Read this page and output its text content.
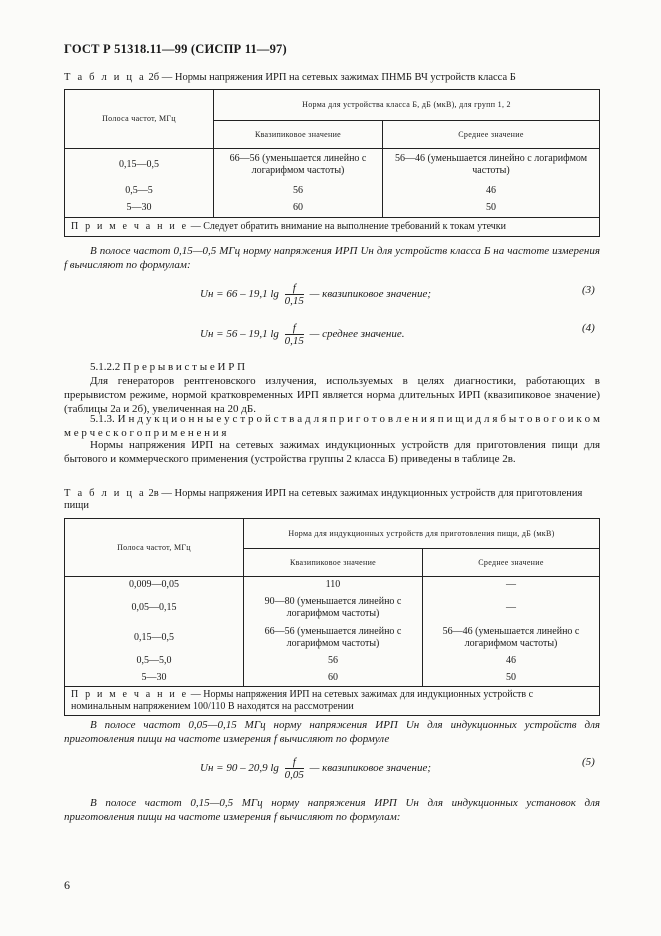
ГОСТ Р 51318.11—99 (СИСПР 11—97)
Т а б л и ц а 2б — Нормы напряжения ИРП на сетевых зажимах ПНМБ ВЧ устройств класса Б
Полоса частот, МГц	Норма для устройства класса Б, дБ (мкВ), для групп 1, 2	
	Квазипиковое значение	Среднее значение
0,15—0,5	66—56 (уменьшается линейно с логарифмом частоты)	56—46 (уменьшается линейно с логарифмом частоты)
0,5—5	56	46
5—30	60	50
П р и м е ч а н и е — Следует обратить внимание на выполнение требований к токам утечки		
В полосе частот 0,15—0,5 МГц норму напряжения ИРП Uн для устройств класса Б на частоте измерения f вычисляют по формулам:
Uн = 66 – 19,1 $\lg \frac{f}{0,15}$ — квазипиковое значение;	(3)
Uн = 56 – 19,1 $\lg \frac{f}{0,15}$ — среднее значение.
(4)
5.1.2.2 П р е р ы в и с т ы е И Р П
Для генераторов рентгеновского излучения, используемых в целях диагностики, работающих в прерывистом режиме, нормой кратковременных ИРП является норма длительных ИРП (квазипиковое значение) (таблицы 2а и 2б), увеличенная на 20 дБ.
5.1.3. И н д у к ц и о н н ы е у с т р о й с т в а д л я п р и г о т о в л е н и я п и щ и д л я б ы т о в о г о и к о м м е р ч е с к о г о п р и м е н е н и я
Нормы напряжения ИРП на сетевых зажимах индукционных устройств для приготовления пищи для бытового и коммерческого применения (устройства группы 2 класса Б) приведены в таблице 2в.
Т а б л и ц а 2в — Нормы напряжения ИРП на сетевых зажимах индукционных устройств для приготовления пищи
Полоса частот, МГц	Норма для индукционных устройств для приготовления пищи, дБ (мкВ)	
	Квазипиковое значение	Среднее значение
0,009—0,05	110	—
0,05—0,15	90—80 (уменьшается линейно с логарифмом частоты)	—
0,15—0,5	66—56 (уменьшается линейно с логарифмом частоты)	56—46 (уменьшается линейно с логарифмом частоты)
0,5—5,0	56	46
5—30	60	50
П р и м е ч а н и е — Нормы напряжения ИРП на сетевых зажимах для индукционных устройств с номинальным напряжением 100/110 В находятся на рассмотрении		
В полосе частот 0,05—0,15 МГц норму напряжения ИРП Uн для индукционных устройств для приготовления пищи на частоте измерения f вычисляют по формуле
Uн = 90 – 20,9 $\lg \frac{f}{0,05}$ — квазипиковое значение;
(5)
В полосе частот 0,15—0,5 МГц норму напряжения ИРП Uн для индукционных установок для приготовления пищи на частоте измерения f вычисляют по формулам:
6
